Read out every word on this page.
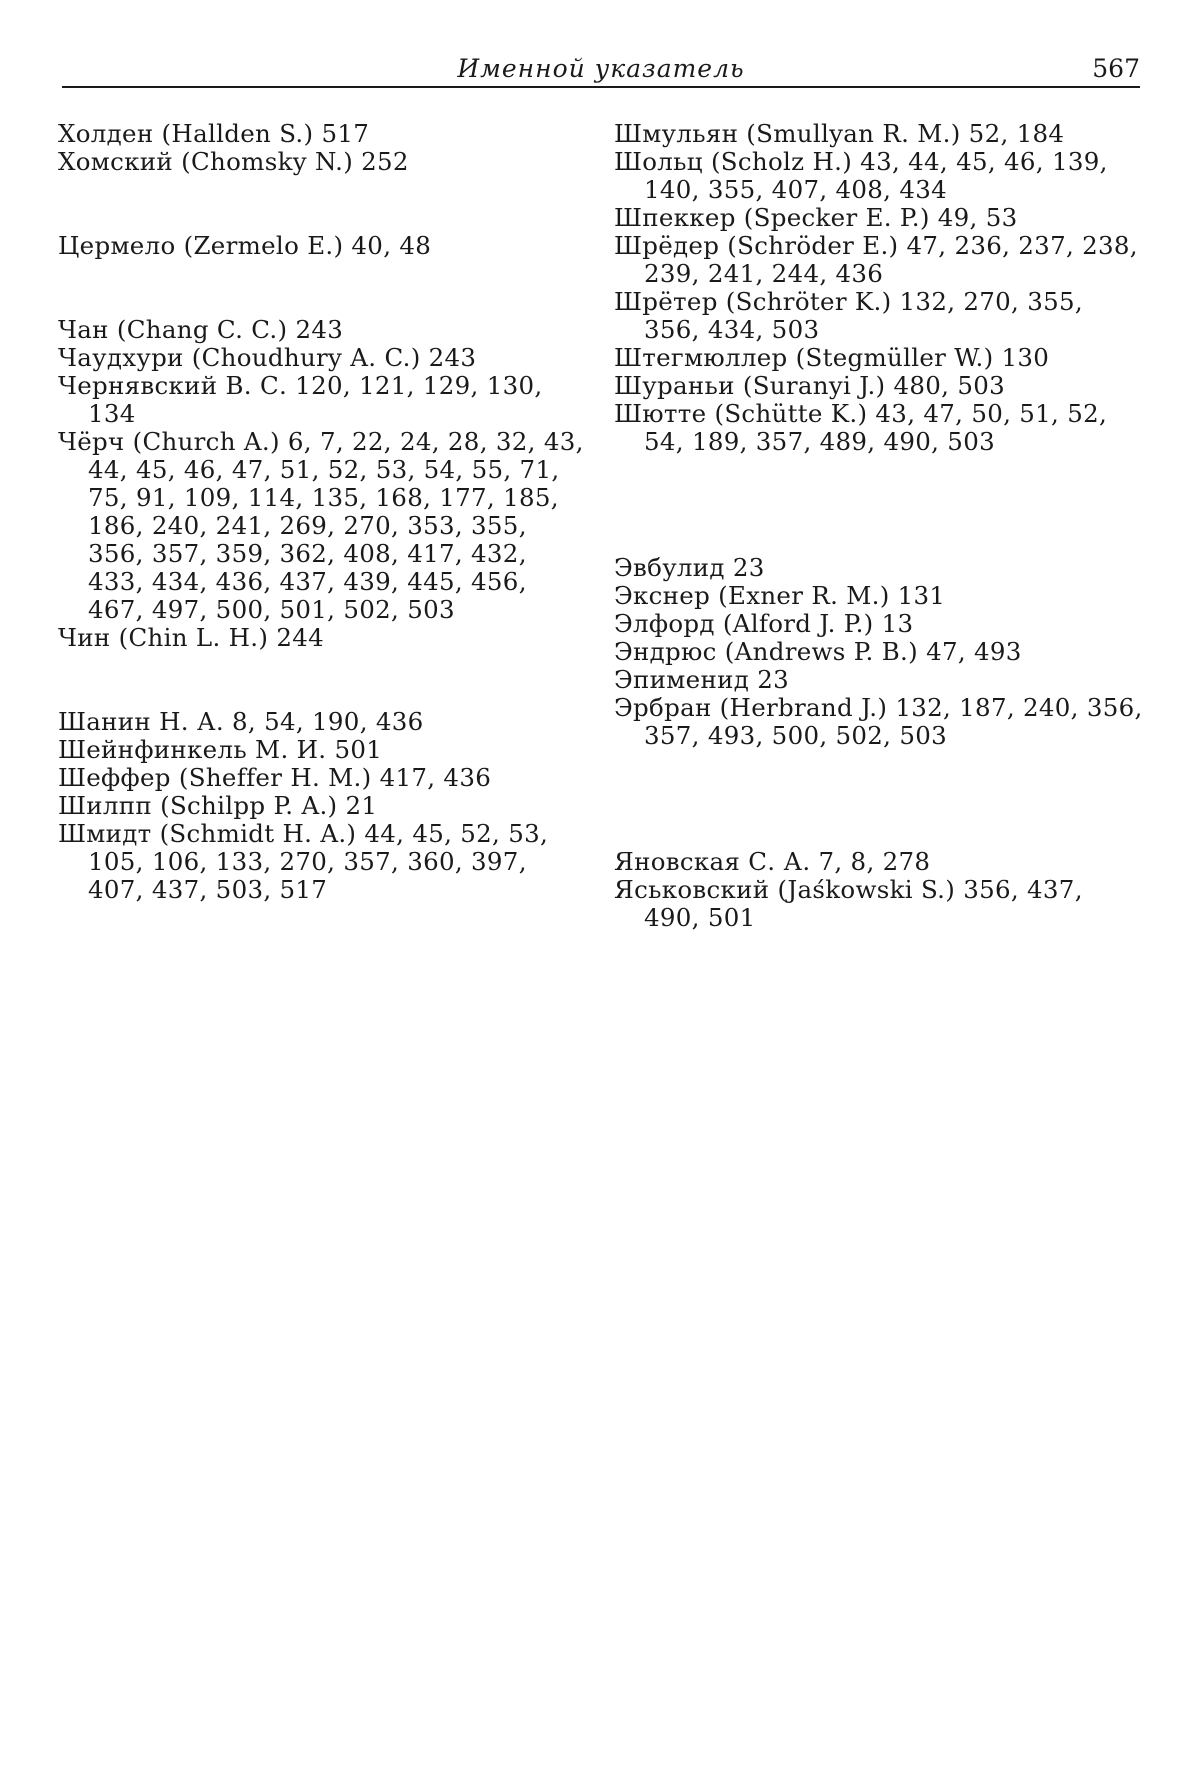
Именной указатель	567
Холден (Hallden S.) 517
Хомский (Chomsky N.) 252
Цермело (Zermelo E.) 40, 48
Чан (Chang C. C.) 243
Чаудхури (Choudhury A. C.) 243
Чернявский В. С. 120, 121, 129, 130, 134
Чёрч (Church A.) 6, 7, 22, 24, 28, 32, 43, 44, 45, 46, 47, 51, 52, 53, 54, 55, 71, 75, 91, 109, 114, 135, 168, 177, 185, 186, 240, 241, 269, 270, 353, 355, 356, 357, 359, 362, 408, 417, 432, 433, 434, 436, 437, 439, 445, 456, 467, 497, 500, 501, 502, 503
Чин (Chin L. H.) 244
Шанин Н. А. 8, 54, 190, 436
Шейнфинкель М. И. 501
Шеффер (Sheffer H. M.) 417, 436
Шилпп (Schilpp P. A.) 21
Шмидт (Schmidt H. A.) 44, 45, 52, 53, 105, 106, 133, 270, 357, 360, 397, 407, 437, 503, 517
Шмульян (Smullyan R. M.) 52, 184
Шольц (Scholz H.) 43, 44, 45, 46, 139, 140, 355, 407, 408, 434
Шпеккер (Specker E. P.) 49, 53
Шрёдер (Schröder E.) 47, 236, 237, 238, 239, 241, 244, 436
Шрётер (Schröter K.) 132, 270, 355, 356, 434, 503
Штегмюллер (Stegmüller W.) 130
Шураньи (Suranyi J.) 480, 503
Шютте (Schütte K.) 43, 47, 50, 51, 52, 54, 189, 357, 489, 490, 503
Эвбулид 23
Экснер (Exner R. M.) 131
Элфорд (Alford J. P.) 13
Эндрюс (Andrews P. B.) 47, 493
Эпименид 23
Эрбран (Herbrand J.) 132, 187, 240, 356, 357, 493, 500, 502, 503
Яновская С. А. 7, 8, 278
Яськовский (Jaśkowski S.) 356, 437, 490, 501
